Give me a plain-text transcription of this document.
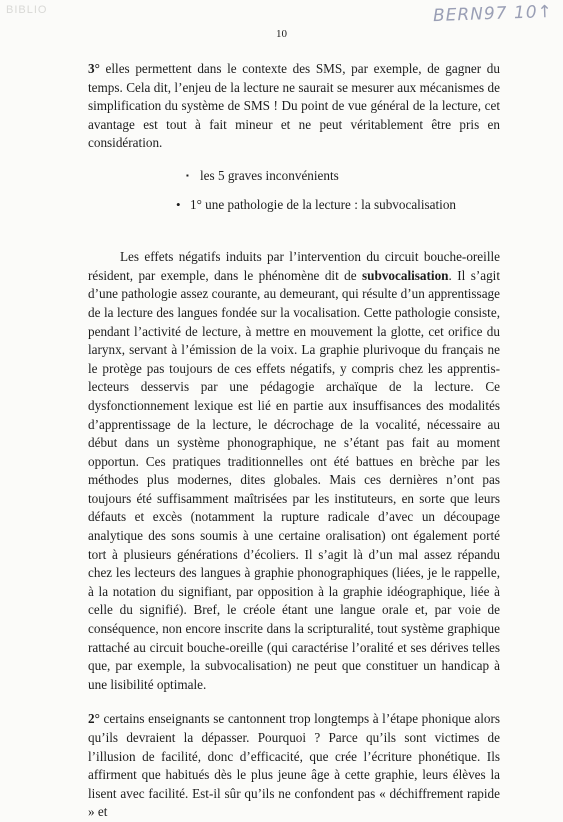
BIBLIO	BERN97 10↑
10

3° elles permettent dans le contexte des SMS, par exemple, de gagner du temps. Cela dit, l’enjeu de la lecture ne saurait se mesurer aux mécanismes de simplification du système de SMS ! Du point de vue général de la lecture, cet avantage est tout à fait mineur et ne peut véritablement être pris en considération.

▪ les 5 graves inconvénients
• 1° une pathologie de la lecture : la subvocalisation

Les effets négatifs induits par l’intervention du circuit bouche-oreille résident, par exemple, dans le phénomène dit de subvocalisation. Il s’agit d’une pathologie assez courante, au demeurant, qui résulte d’un apprentissage de la lecture des langues fondée sur la vocalisation. Cette pathologie consiste, pendant l’activité de lecture, à mettre en mouvement la glotte, cet orifice du larynx, servant à l’émission de la voix. La graphie plurivoque du français ne le protège pas toujours de ces effets négatifs, y compris chez les apprentis-lecteurs desservis par une pédagogie archaïque de la lecture. Ce dysfonctionnement lexique est lié en partie aux insuffisances des modalités d’apprentissage de la lecture, le décrochage de la vocalité, nécessaire au début dans un système phonographique, ne s’étant pas fait au moment opportun. Ces pratiques traditionnelles ont été battues en brèche par les méthodes plus modernes, dites globales. Mais ces dernières n’ont pas toujours été suffisamment maîtrisées par les instituteurs, en sorte que leurs défauts et excès (notamment la rupture radicale d’avec un découpage analytique des sons soumis à une certaine oralisation) ont également porté tort à plusieurs générations d’écoliers. Il s’agit là d’un mal assez répandu chez les lecteurs des langues à graphie phonographiques (liées, je le rappelle, à la notation du signifiant, par opposition à la graphie idéographique, liée à celle du signifié). Bref, le créole étant une langue orale et, par voie de conséquence, non encore inscrite dans la scripturalité, tout système graphique rattaché au circuit bouche-oreille (qui caractérise l’oralité et ses dérives telles que, par exemple, la subvocalisation) ne peut que constituer un handicap à une lisibilité optimale.

2° certains enseignants se cantonnent trop longtemps à l’étape phonique alors qu’ils devraient la dépasser. Pourquoi ? Parce qu’ils sont victimes de l’illusion de facilité, donc d’efficacité, que crée l’écriture phonétique. Ils affirment que habitués dès le plus jeune âge à cette graphie, leurs élèves la lisent avec facilité. Est-il sûr qu’ils ne confondent pas « déchiffrement rapide » et
